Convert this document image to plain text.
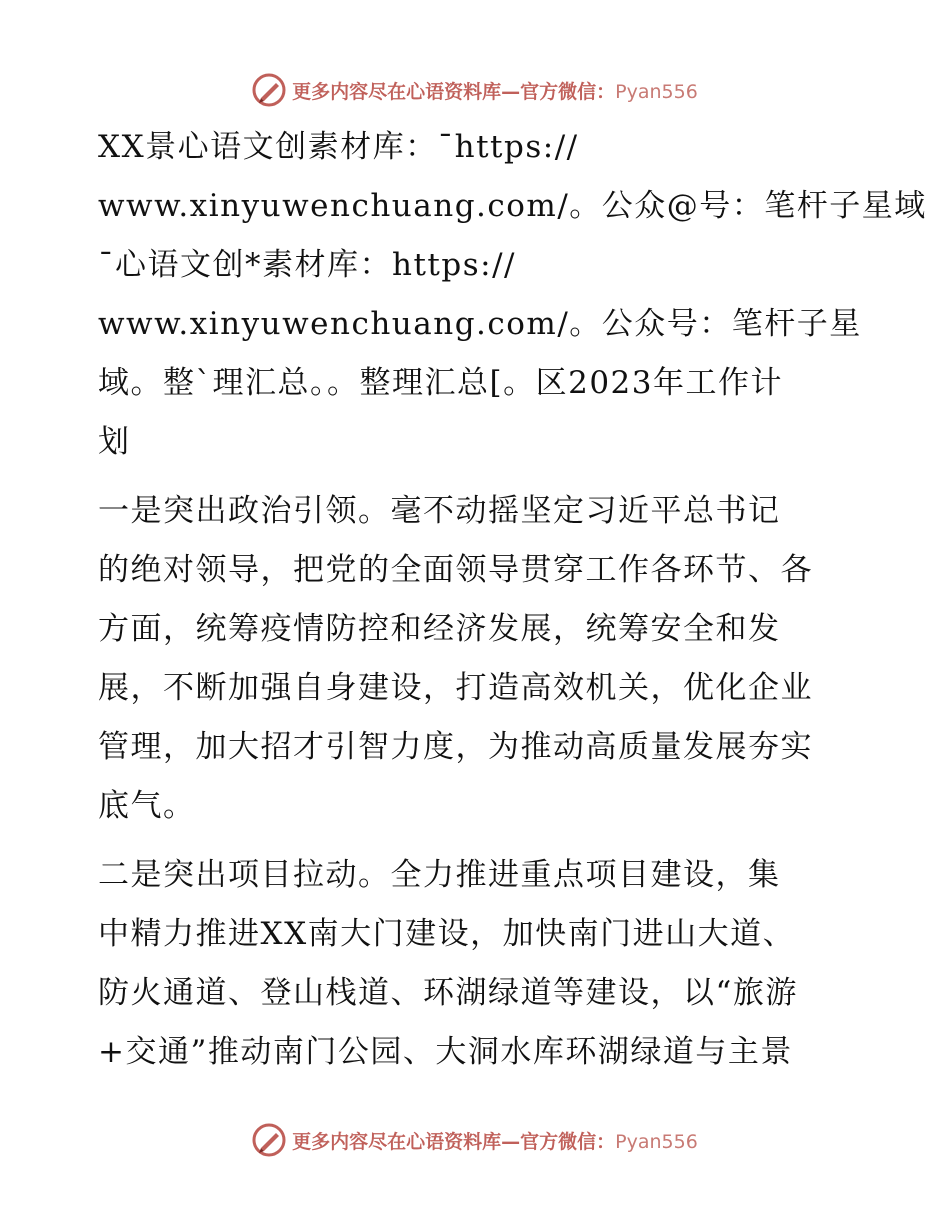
更多内容尽在心语资料库—官方微信：Pyan556

XX景心语文创素材库：¯https://
www.xinyuwenchuang.com/。公众@号：笔杆子星域
¯心语文创*素材库：https://
www.xinyuwenchuang.com/。公众号：笔杆子星
域。整`理汇总。。整理汇总[。区2023年工作计
划

一是突出政治引领。毫不动摇坚定习近平总书记
的绝对领导，把党的全面领导贯穿工作各环节、各
方面，统筹疫情防控和经济发展，统筹安全和发
展，不断加强自身建设，打造高效机关，优化企业
管理，加大招才引智力度，为推动高质量发展夯实
底气。

二是突出项目拉动。全力推进重点项目建设，集
中精力推进XX南大门建设，加快南门进山大道、
防火通道、登山栈道、环湖绿道等建设，以“旅游
+交通”推动南门公园、大洞水库环湖绿道与主景

更多内容尽在心语资料库—官方微信：Pyan556
